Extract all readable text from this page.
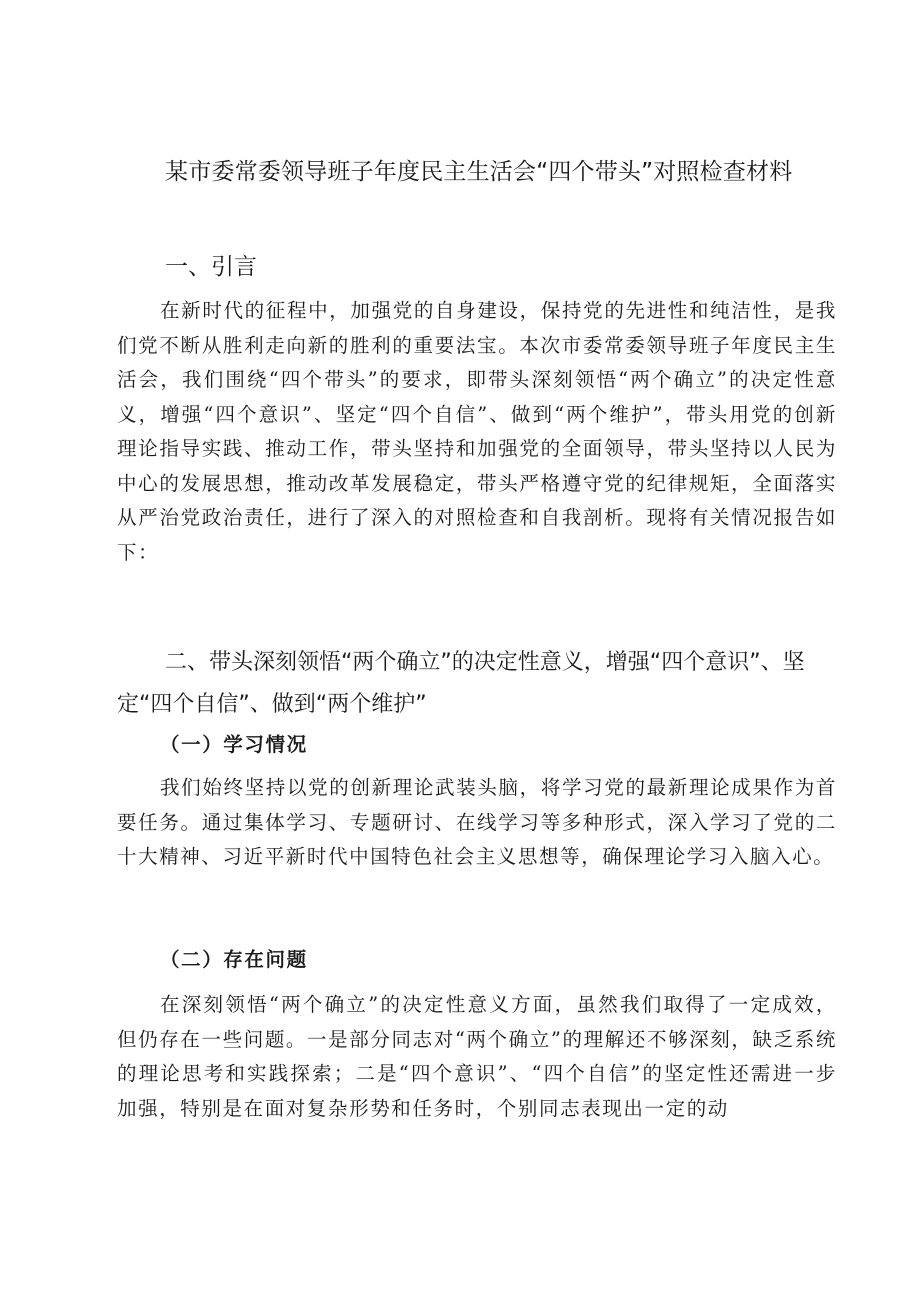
某市委常委领导班子年度民主生活会“四个带头”对照检查材料
一、引言

在新时代的征程中，加强党的自身建设，保持党的先进性和纯洁性，是我们党不断从胜利走向新的胜利的重要法宝。本次市委常委领导班子年度民主生活会，我们围绕“四个带头”的要求，即带头深刻领悟“两个确立”的决定性意义，增强“四个意识”、坚定“四个自信”、做到“两个维护”，带头用党的创新理论指导实践、推动工作，带头坚持和加强党的全面领导，带头坚持以人民为中心的发展思想，推动改革发展稳定，带头严格遵守党的纪律规矩，全面落实从严治党政治责任，进行了深入的对照检查和自我剖析。现将有关情况报告如下：

二、带头深刻领悟“两个确立”的决定性意义，增强“四个意识”、坚定“四个自信”、做到“两个维护”
（一）学习情况

我们始终坚持以党的创新理论武装头脑，将学习党的最新理论成果作为首要任务。通过集体学习、专题研讨、在线学习等多种形式，深入学习了党的二十大精神、习近平新时代中国特色社会主义思想等，确保理论学习入脑入心。

（二）存在问题

在深刻领悟“两个确立”的决定性意义方面，虽然我们取得了一定成效，但仍存在一些问题。一是部分同志对“两个确立”的理解还不够深刻，缺乏系统的理论思考和实践探索；二是“四个意识”、“四个自信”的坚定性还需进一步加强，特别是在面对复杂形势和任务时，个别同志表现出一定的动
